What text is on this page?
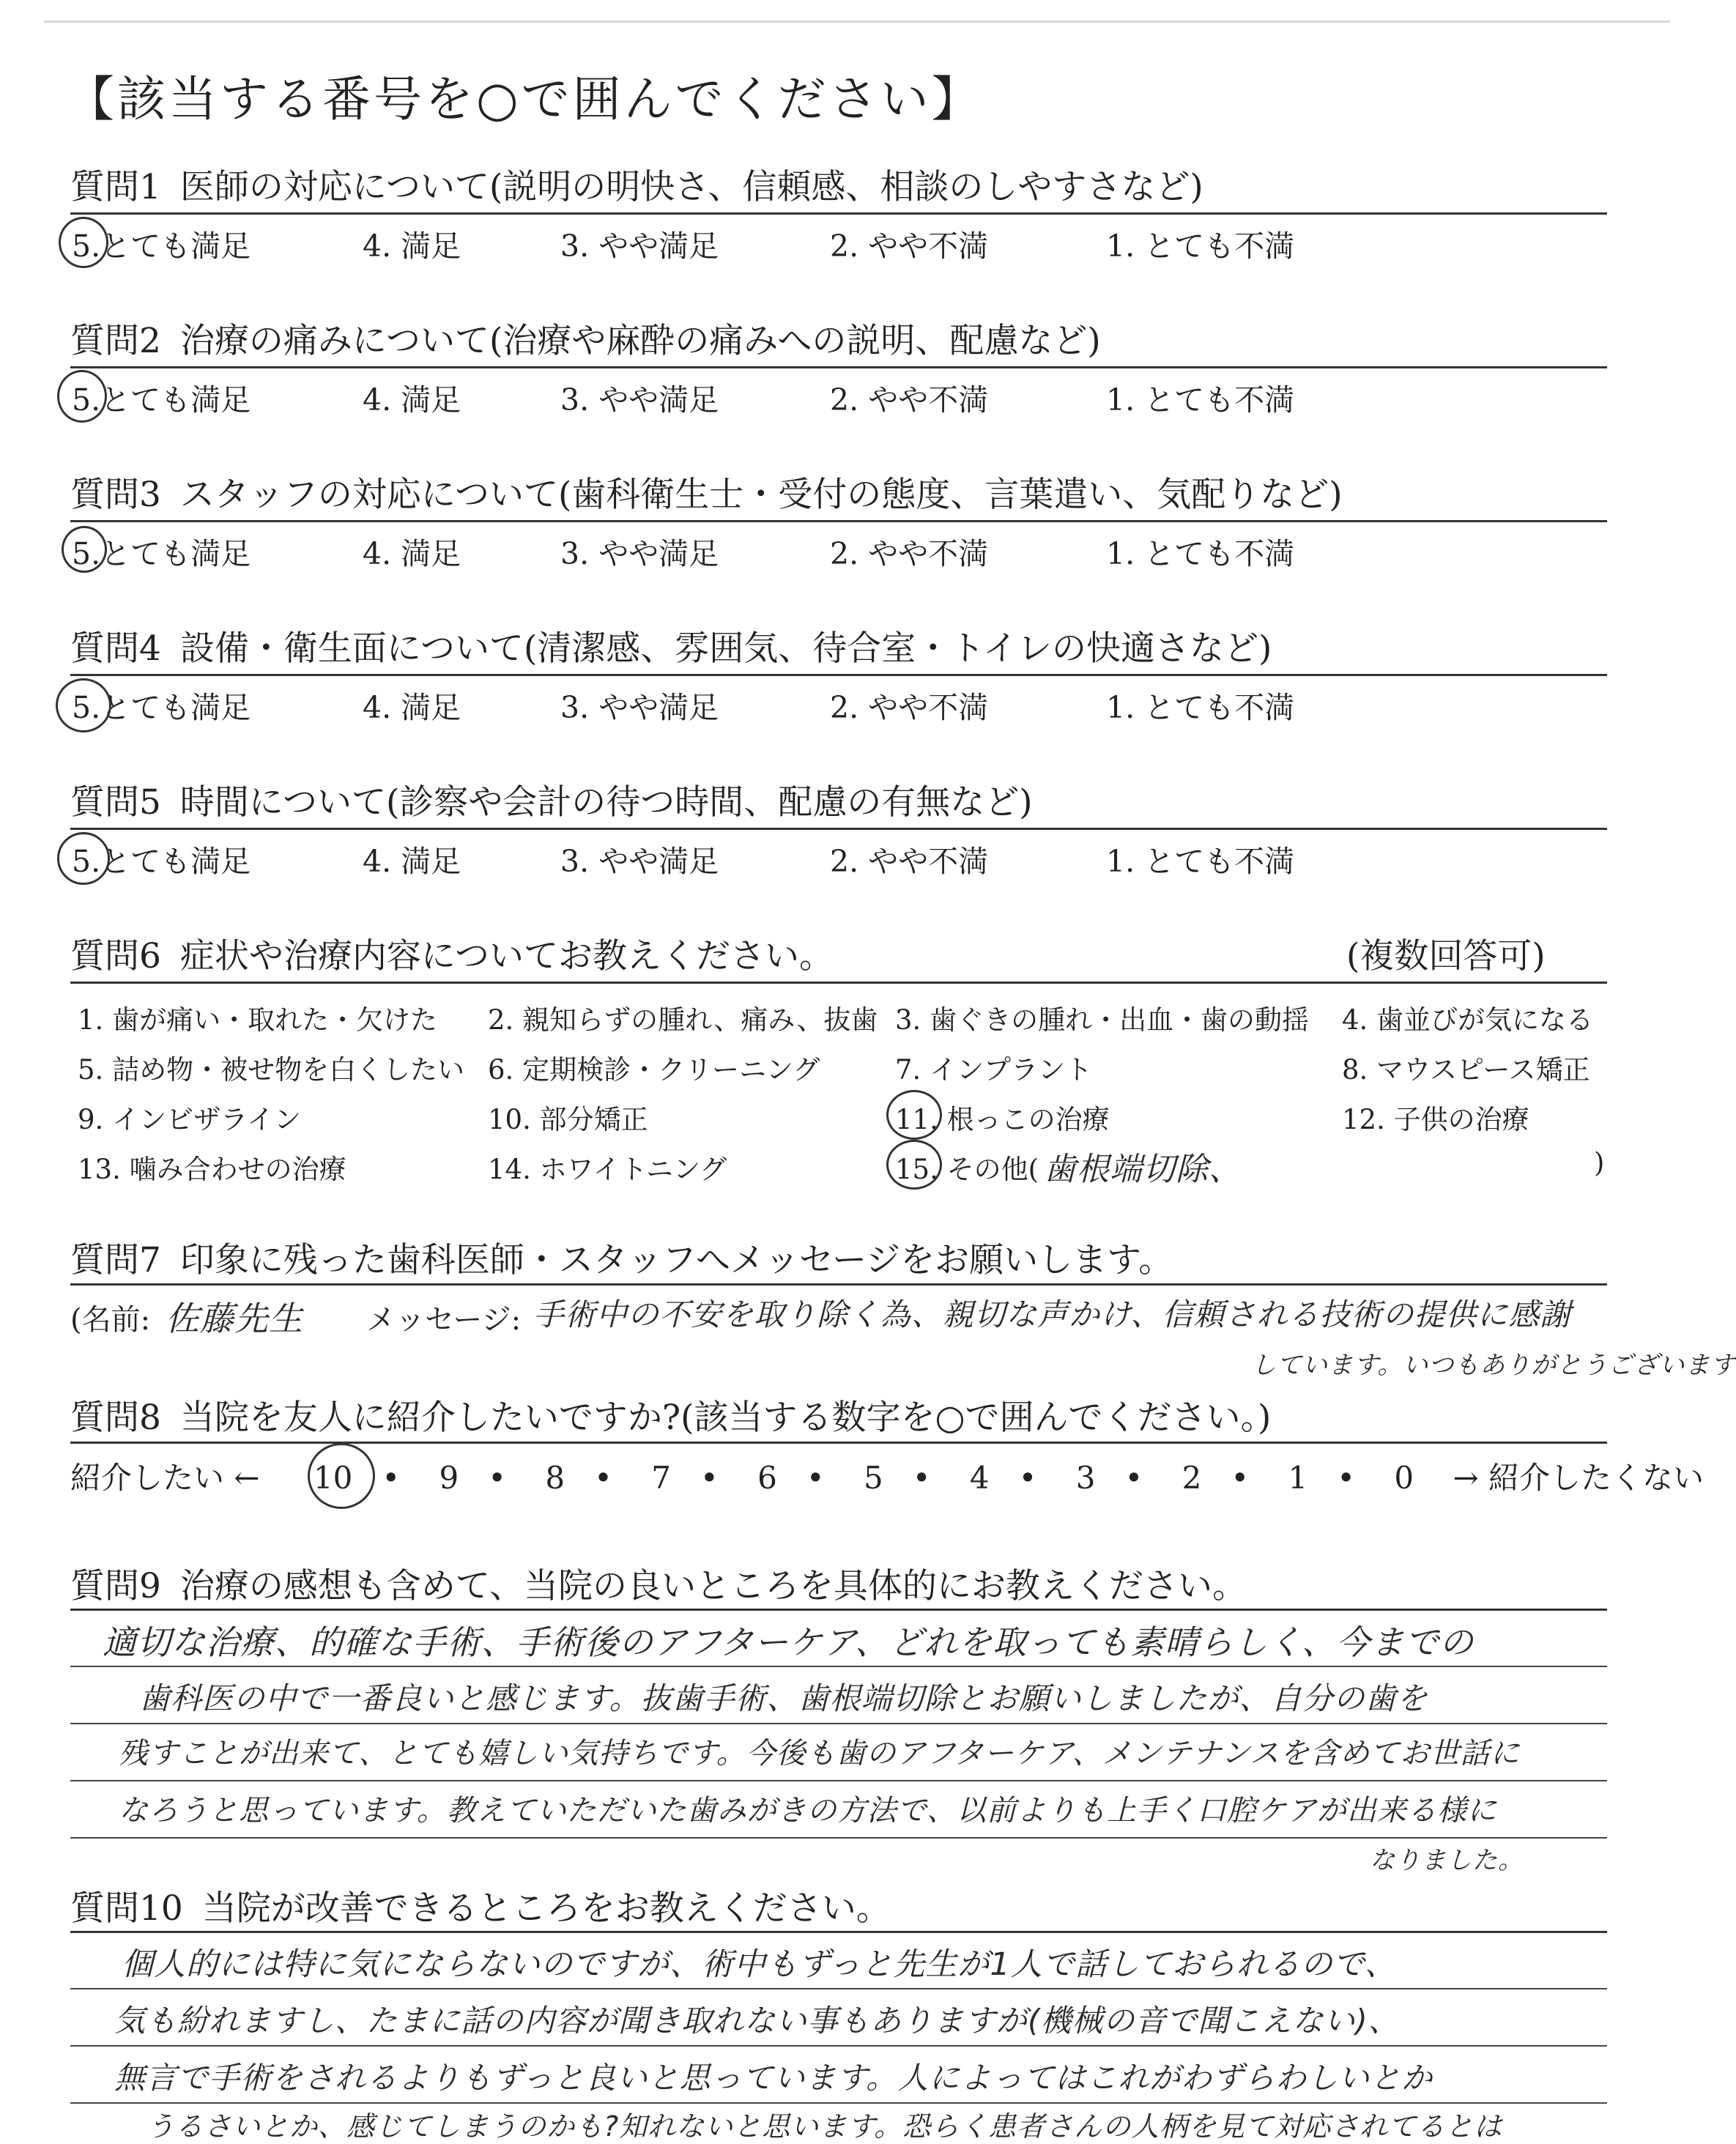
【該当する番号を○で囲んでください】
質問1 医師の対応について(説明の明快さ、信頼感、相談のしやすさなど)
5.とても満足	4. 満足	3. やや満足	2. やや不満	1. とても不満
質問2 治療の痛みについて(治療や麻酔の痛みへの説明、配慮など)
5.とても満足	4. 満足	3. やや満足	2. やや不満	1. とても不満
質問3 スタッフの対応について(歯科衛生士・受付の態度、言葉遣い、気配りなど)
5.とても満足	4. 満足	3. やや満足	2. やや不満	1. とても不満
質問4 設備・衛生面について(清潔感、雰囲気、待合室・トイレの快適さなど)
5.とても満足	4. 満足	3. やや満足	2. やや不満	1. とても不満
質問5 時間について(診察や会計の待つ時間、配慮の有無など)
5.とても満足	4. 満足	3. やや満足	2. やや不満	1. とても不満
質問6 症状や治療内容についてお教えください。	(複数回答可)
1. 歯が痛い・取れた・欠けた 2. 親知らずの腫れ、痛み、抜歯 3. 歯ぐきの腫れ・出血・歯の動揺 4. 歯並びが気になる
5. 詰め物・被せ物を白くしたい 6. 定期検診・クリーニング	7. インプラント	8. マウスピース矯正
9. インビザライン	10. 部分矯正	11. 根っこの治療	12. 子供の治療
13. 噛み合わせの治療	14. ホワイトニング	15. その他( 歯根端切除、	)
質問7 印象に残った歯科医師・スタッフへメッセージをお願いします。
(名前: 佐藤先生 メッセージ: 手術中の不安を取り除く為、親切な声かけ、信頼される技術の提供に感謝
しています。いつもありがとうございます
質問8 当院を友人に紹介したいですか?(該当する数字を○で囲んでください。)
紹介したい ← 10 • 9 • 8 • 7 • 6 • 5 • 4 • 3 • 2 • 1 • 0 → 紹介したくない
質問9 治療の感想も含めて、当院の良いところを具体的にお教えください。
適切な治療、的確な手術、手術後のアフターケア、どれを取っても素晴らしく、今までの
歯科医の中で一番良いと感じます。抜歯手術、歯根端切除とお願いしましたが、自分の歯を
残すことが出来て、とても嬉しい気持ちです。今後も歯のアフターケア、メンテナンスを含めてお世話に
なろうと思っています。教えていただいた歯みがきの方法で、以前よりも上手く口腔ケアが出来る様に
なりました。
質問10 当院が改善できるところをお教えください。
個人的には特に気にならないのですが、術中もずっと先生が1人で話しておられるので、
気も紛れますし、たまに話の内容が聞き取れない事もありますが(機械の音で聞こえない)、
無言で手術をされるよりもずっと良いと思っています。人によってはこれがわずらわしいとか
うるさいとか、感じてしまうのかも?知れないと思います。恐らく患者さんの人柄を見て対応されてるとは
